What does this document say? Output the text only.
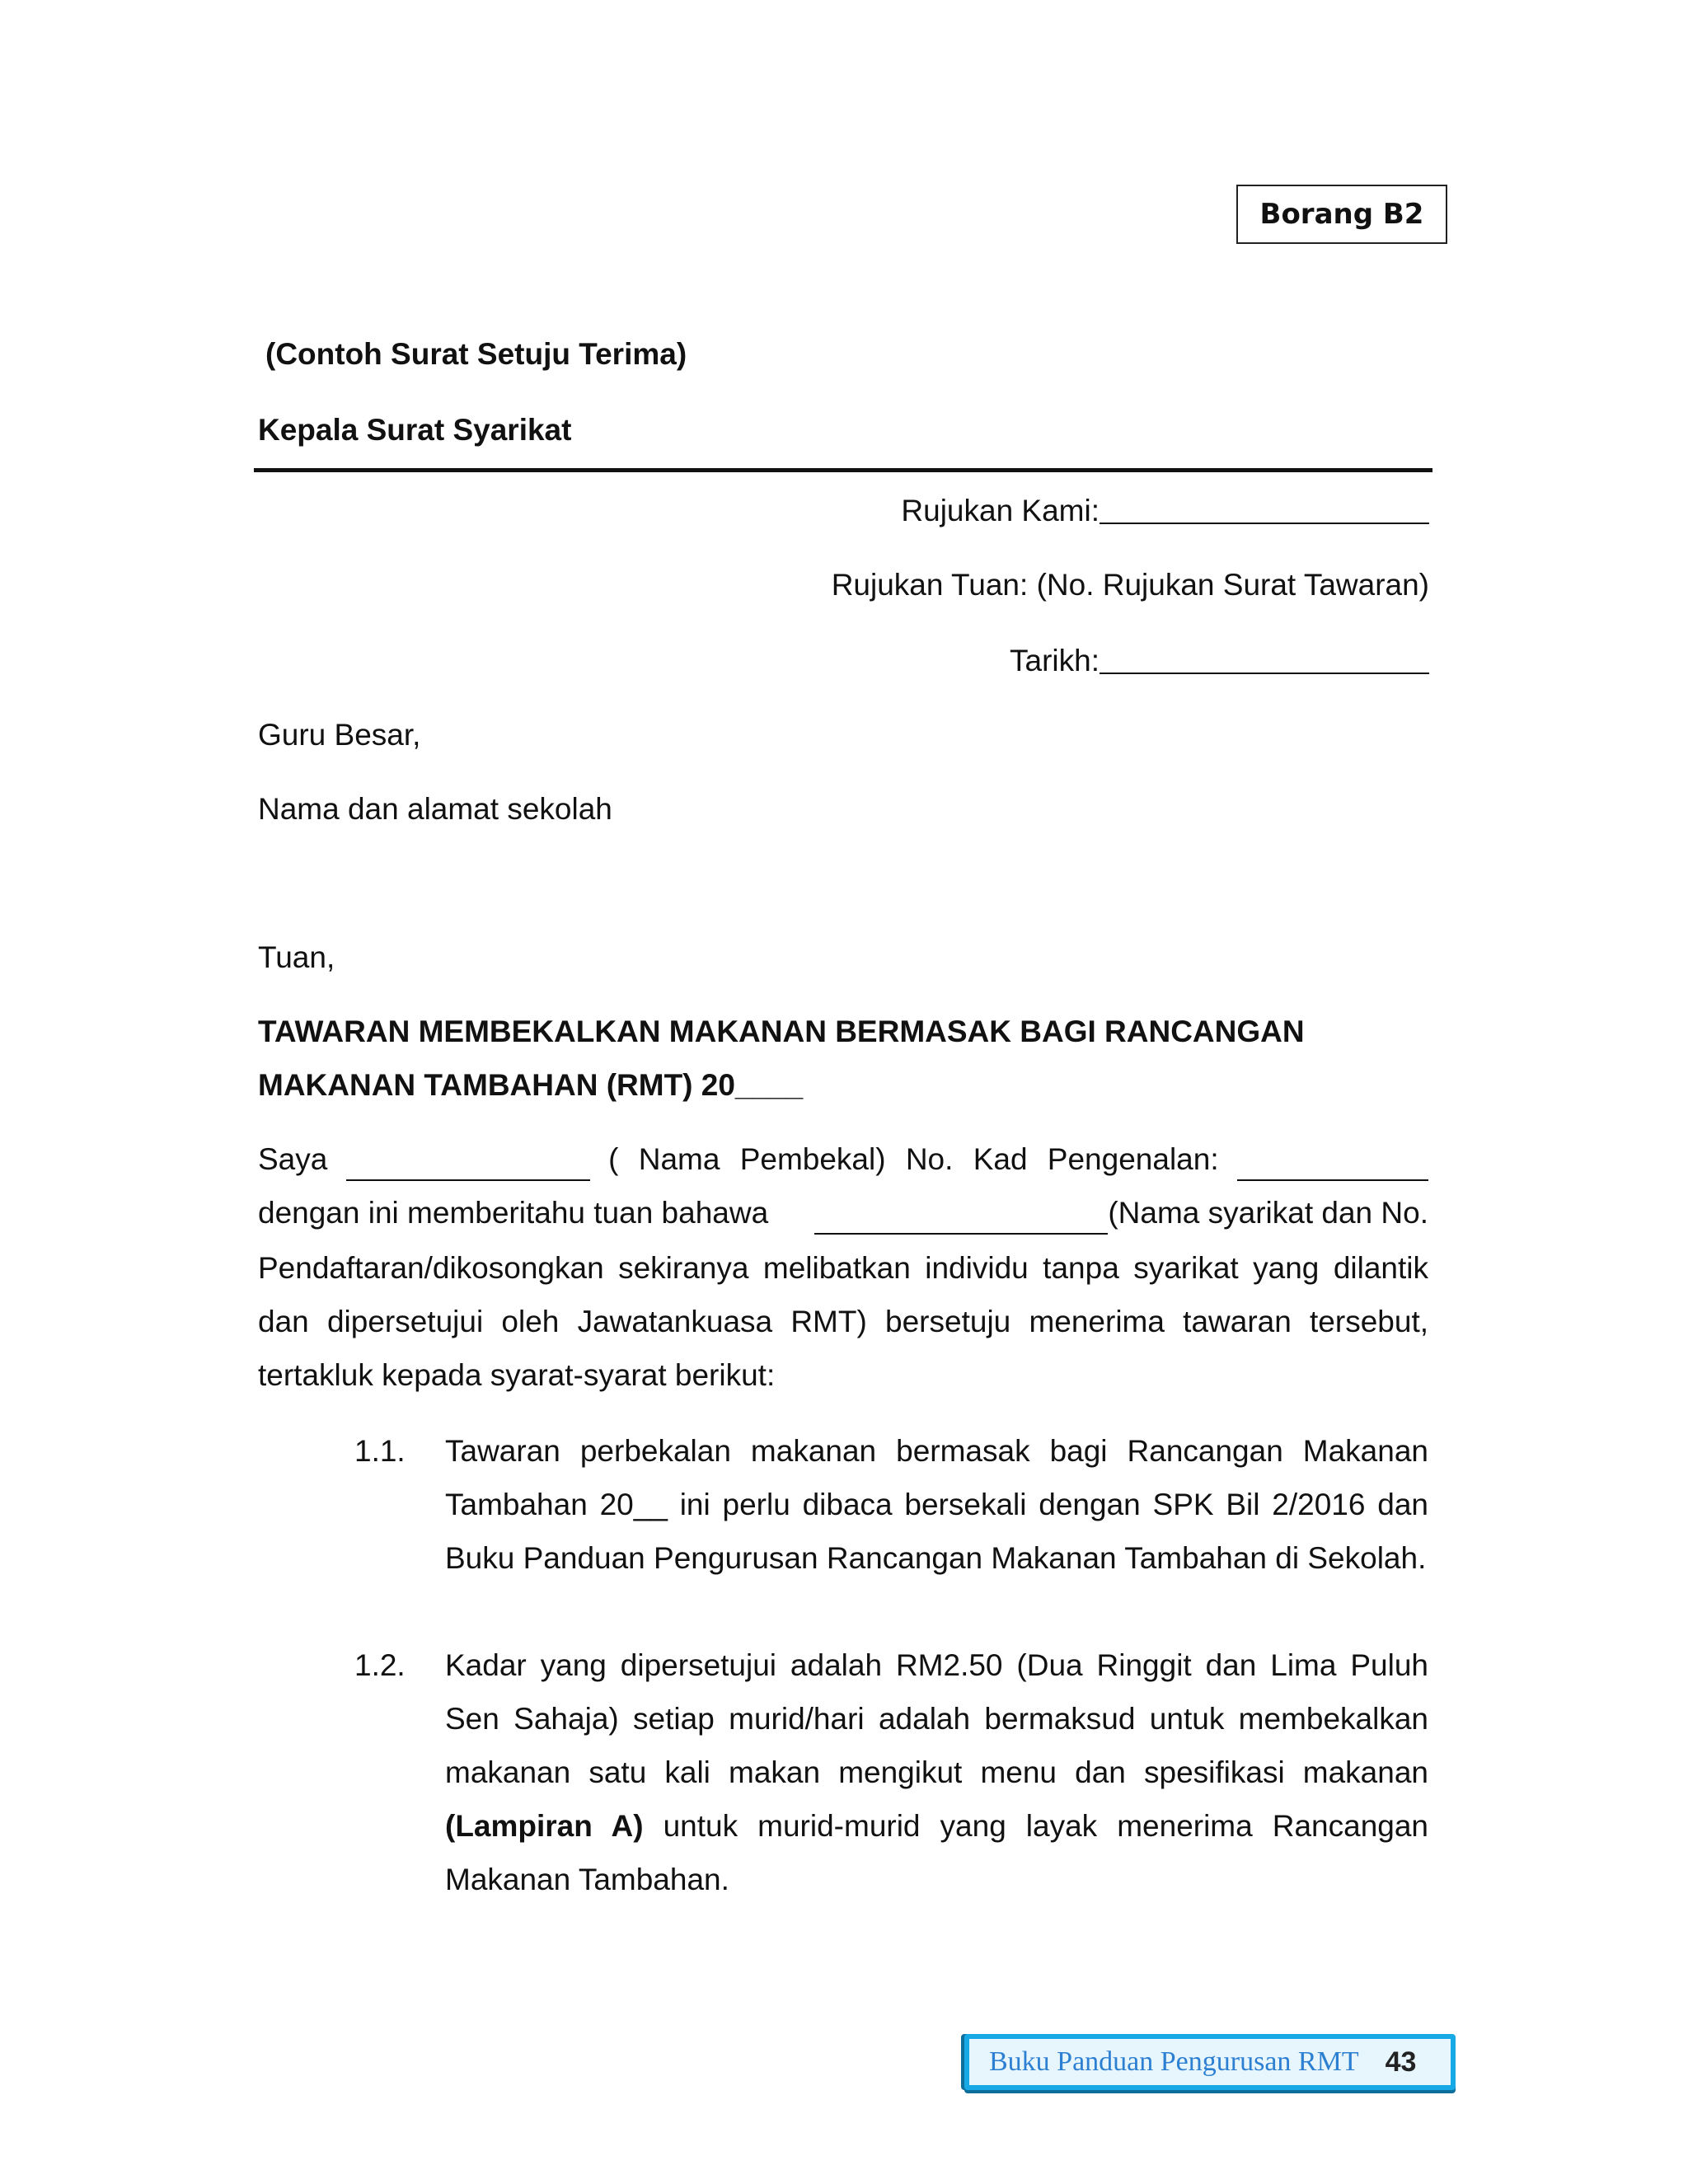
Borang B2
(Contoh Surat Setuju Terima)
Kepala Surat Syarikat
Rujukan Kami:
Rujukan Tuan: (No. Rujukan Surat Tawaran)
Tarikh:
Guru Besar,
Nama dan alamat sekolah
Tuan,
TAWARAN MEMBEKALKAN MAKANAN BERMASAK BAGI RANCANGAN
MAKANAN TAMBAHAN (RMT) 20____
Saya	( Nama Pembekal) No. Kad Pengenalan:
dengan ini memberitahu tuan bahawa	(Nama syarikat dan No.
Pendaftaran/dikosongkan sekiranya melibatkan individu tanpa syarikat yang dilantik dan dipersetujui oleh Jawatankuasa RMT) bersetuju menerima tawaran tersebut, tertakluk kepada syarat-syarat berikut:
1.1.	Tawaran perbekalan makanan bermasak bagi Rancangan Makanan Tambahan 20__ ini perlu dibaca bersekali dengan SPK Bil 2/2016 dan Buku Panduan Pengurusan Rancangan Makanan Tambahan di Sekolah.
1.2.	Kadar yang dipersetujui adalah RM2.50 (Dua Ringgit dan Lima Puluh Sen Sahaja) setiap murid/hari adalah bermaksud untuk membekalkan makanan satu kali makan mengikut menu dan spesifikasi makanan (Lampiran A) untuk murid-murid yang layak menerima Rancangan Makanan Tambahan.
Buku Panduan Pengurusan RMT 43
